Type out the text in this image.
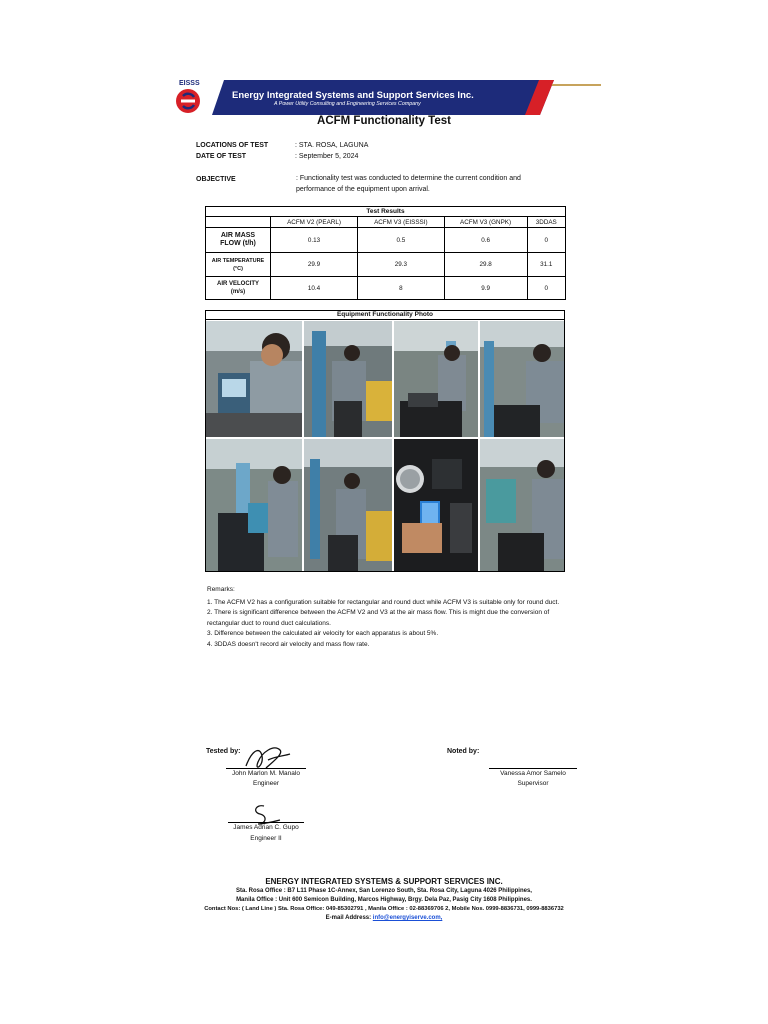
EISSS
Energy Integrated Systems and Support Services Inc.
A Power Utility Consulting and Engineering Services Company
ACFM Functionality Test
LOCATIONS OF TEST	: STA. ROSA, LAGUNA
DATE OF TEST	: September 5, 2024
OBJECTIVE	: Functionality test was conducted to determine the current condition and
performance of the equipment upon arrival.
Test Results				
	ACFM V2 (PEARL)	ACFM V3 (EISSSI)	ACFM V3 (GNPK)	3DDAS

AIR MASS
FLOW (t/h)	0.13	0.5	0.6	0

AIR TEMPERATURE
(°C)	29.9	29.3	29.8	31.1

AIR VELOCITY
(m/s)	10.4	8	9.9	0
Equipment Functionality Photo

Remarks:

1. The ACFM V2 has a configuration suitable for rectangular and round duct while ACFM V3 is suitable only for round duct.

2. There is significant difference between the ACFM V2 and V3 at the air mass flow. This is might due the conversion of rectangular duct to round duct calculations.

3. Difference between the calculated air velocity for each apparatus is about 5%.

4. 3DDAS doesn't record air velocity and mass flow rate.

Tested by:	Noted by:
John Marlon M. Manalo
Engineer
Vanessa Amor Samelo
Supervisor
James Adrian C. Gupo
Engineer II
ENERGY INTEGRATED SYSTEMS & SUPPORT SERVICES INC.
Sta. Rosa Office : B7 L11 Phase 1C-Annex, San Lorenzo South, Sta. Rosa City, Laguna 4026 Philippines,
Manila Office : Unit 600 Semicon Building, Marcos Highway, Brgy. Dela Paz, Pasig City 1608 Philippines.
Contact Nos: ( Land Line ) Sta. Rosa Office: 049-85302791 , Manila Office : 02-88369706 2, Mobile Nos. 0999-8836731, 0999-8836732
E-mail Address: info@energyiserve.com,
